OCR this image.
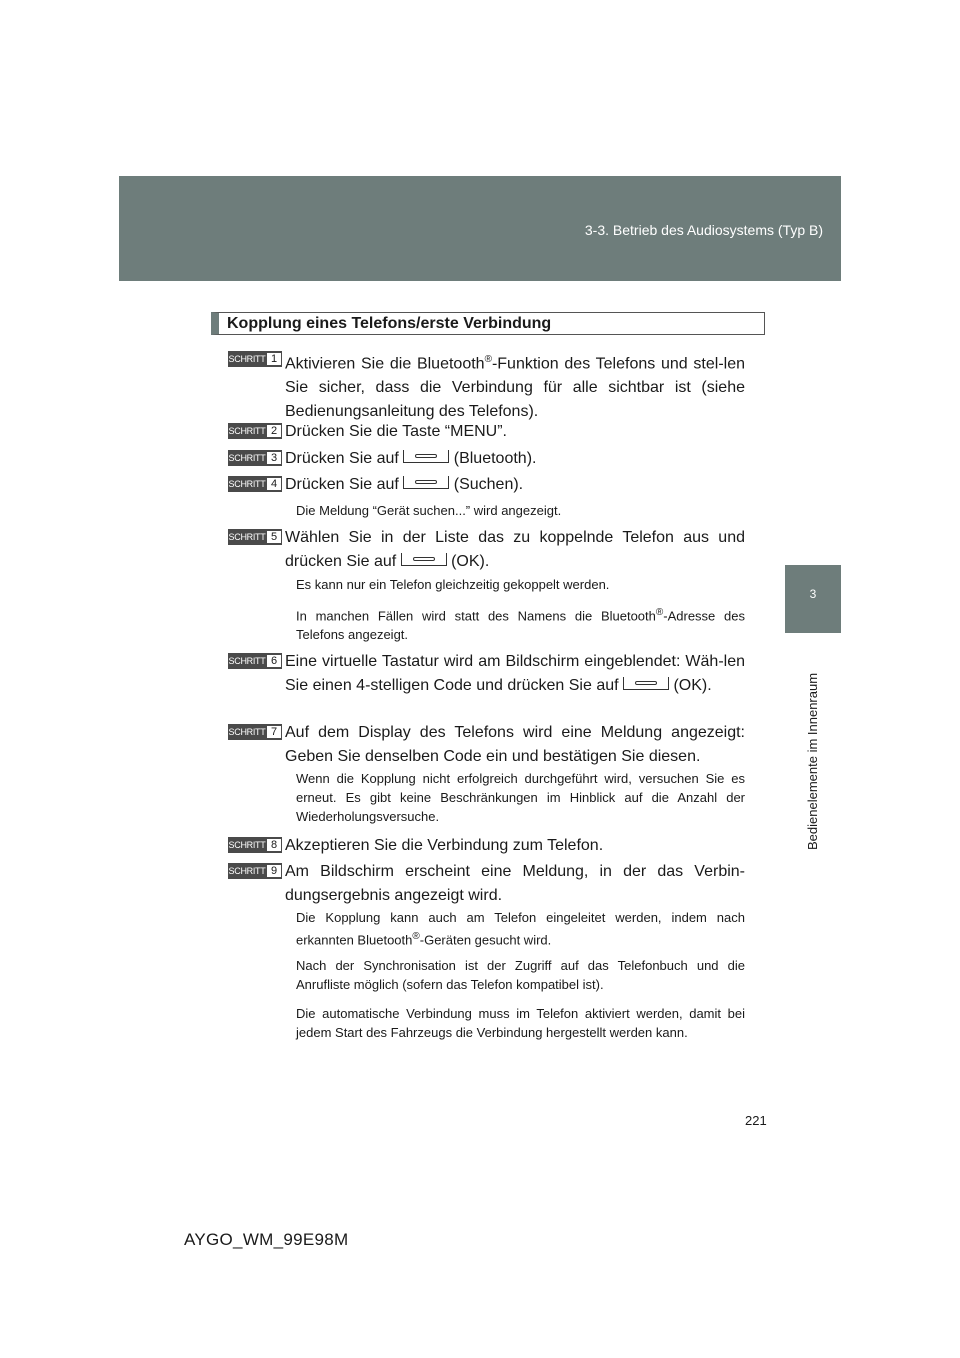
3-3. Betrieb des Audiosystems (Typ B)
3
Bedienelemente im Innenraum
Kopplung eines Telefons/erste Verbindung
SCHRITT 1 Aktivieren Sie die Bluetooth®-Funktion des Telefons und stel-len Sie sicher, dass die Verbindung für alle sichtbar ist (siehe Bedienungsanleitung des Telefons).
SCHRITT 2 Drücken Sie die Taste “MENU”.
SCHRITT 3 Drücken Sie auf	(Bluetooth).
SCHRITT 4 Drücken Sie auf	(Suchen).
Die Meldung “Gerät suchen...” wird angezeigt.
SCHRITT 5 Wählen Sie in der Liste das zu koppelnde Telefon aus und drücken Sie auf	(OK).
Es kann nur ein Telefon gleichzeitig gekoppelt werden.
In manchen Fällen wird statt des Namens die Bluetooth®-Adresse des Telefons angezeigt.
SCHRITT 6 Eine virtuelle Tastatur wird am Bildschirm eingeblendet: Wäh-len Sie einen 4-stelligen Code und drücken Sie auf	(OK).
SCHRITT 7 Auf dem Display des Telefons wird eine Meldung angezeigt: Geben Sie denselben Code ein und bestätigen Sie diesen.
Wenn die Kopplung nicht erfolgreich durchgeführt wird, versuchen Sie es erneut. Es gibt keine Beschränkungen im Hinblick auf die Anzahl der Wiederholungsversuche.
SCHRITT 8 Akzeptieren Sie die Verbindung zum Telefon.
SCHRITT 9 Am Bildschirm erscheint eine Meldung, in der das Verbin-dungsergebnis angezeigt wird.
Die Kopplung kann auch am Telefon eingeleitet werden, indem nach erkannten Bluetooth®-Geräten gesucht wird.
Nach der Synchronisation ist der Zugriff auf das Telefonbuch und die Anrufliste möglich (sofern das Telefon kompatibel ist).
Die automatische Verbindung muss im Telefon aktiviert werden, damit bei jedem Start des Fahrzeugs die Verbindung hergestellt werden kann.
221
AYGO_WM_99E98M
